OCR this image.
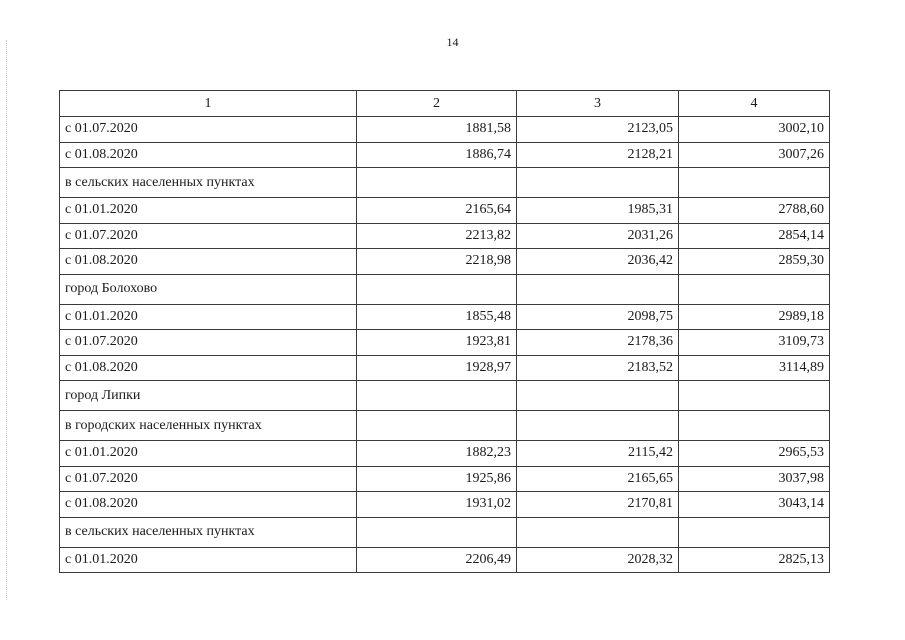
14
1	2	3	4
с 01.07.2020	1881,58	2123,05	3002,10
с 01.08.2020	1886,74	2128,21	3007,26
в сельских населенных пунктах			
с 01.01.2020	2165,64	1985,31	2788,60
с 01.07.2020	2213,82	2031,26	2854,14
с 01.08.2020	2218,98	2036,42	2859,30
город Болохово			
с 01.01.2020	1855,48	2098,75	2989,18
с 01.07.2020	1923,81	2178,36	3109,73
с 01.08.2020	1928,97	2183,52	3114,89
город Липки			
в городских населенных пунктах			
с 01.01.2020	1882,23	2115,42	2965,53
с 01.07.2020	1925,86	2165,65	3037,98
с 01.08.2020	1931,02	2170,81	3043,14
в сельских населенных пунктах			
с 01.01.2020	2206,49	2028,32	2825,13
